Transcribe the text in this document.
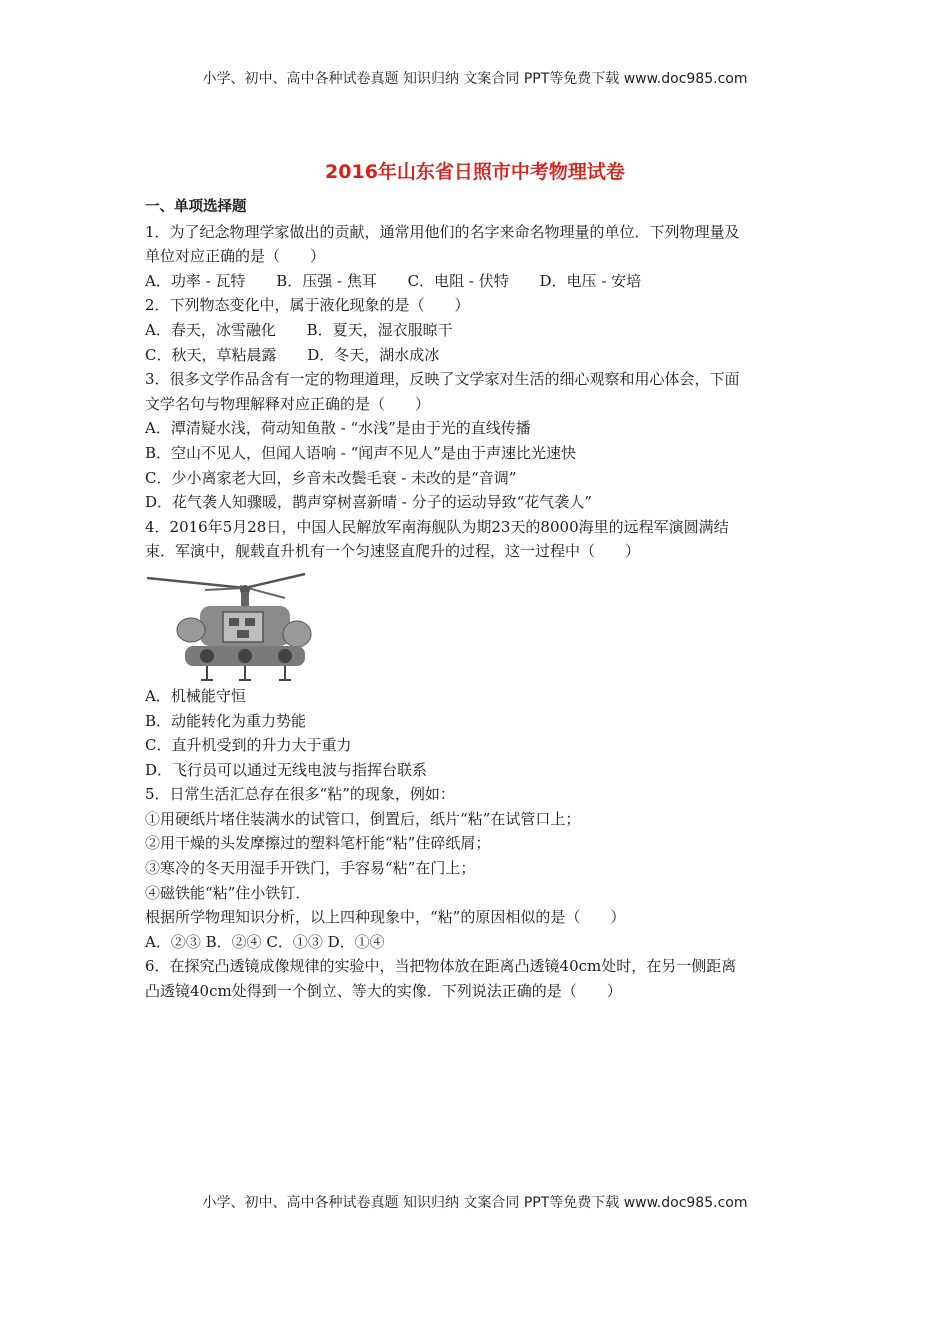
小学、初中、高中各种试卷真题 知识归纳 文案合同 PPT等免费下载 www.doc985.com
2016年山东省日照市中考物理试卷
一、单项选择题
1．为了纪念物理学家做出的贡献，通常用他们的名字来命名物理量的单位．下列物理量及
单位对应正确的是（　　）
A．功率 - 瓦特 B．压强 - 焦耳 C．电阻 - 伏特 D．电压 - 安培
2．下列物态变化中，属于液化现象的是（　　）
A．春天，冰雪融化 B．夏天，湿衣服晾干
C．秋天，草粘晨露 D．冬天，湖水成冰
3．很多文学作品含有一定的物理道理，反映了文学家对生活的细心观察和用心体会，下面
文学名句与物理解释对应正确的是（　　）
A．潭清疑水浅，荷动知鱼散 - “水浅”是由于光的直线传播
B．空山不见人，但闻人语响 - “闻声不见人”是由于声速比光速快
C．少小离家老大回，乡音未改鬓毛衰 - 未改的是“音调”
D．花气袭人知骤暖，鹊声穿树喜新晴 - 分子的运动导致“花气袭人”
4．2016年5月28日，中国人民解放军南海舰队为期23天的8000海里的远程军演圆满结
束．军演中，舰载直升机有一个匀速竖直爬升的过程，这一过程中（　　）
A．机械能守恒
B．动能转化为重力势能
C．直升机受到的升力大于重力
D．飞行员可以通过无线电波与指挥台联系
5．日常生活汇总存在很多“粘”的现象，例如：
①用硬纸片堵住装满水的试管口，倒置后，纸片“粘”在试管口上；
②用干燥的头发摩擦过的塑料笔杆能“粘”住碎纸屑；
③寒冷的冬天用湿手开铁门，手容易“粘”在门上；
④磁铁能“粘”住小铁钉．
根据所学物理知识分析，以上四种现象中，“粘”的原因相似的是（　　）
A．②③ B．②④ C．①③ D．①④
6．在探究凸透镜成像规律的实验中，当把物体放在距离凸透镜40cm处时，在另一侧距离
凸透镜40cm处得到一个倒立、等大的实像．下列说法正确的是（　　）
小学、初中、高中各种试卷真题 知识归纳 文案合同 PPT等免费下载 www.doc985.com
